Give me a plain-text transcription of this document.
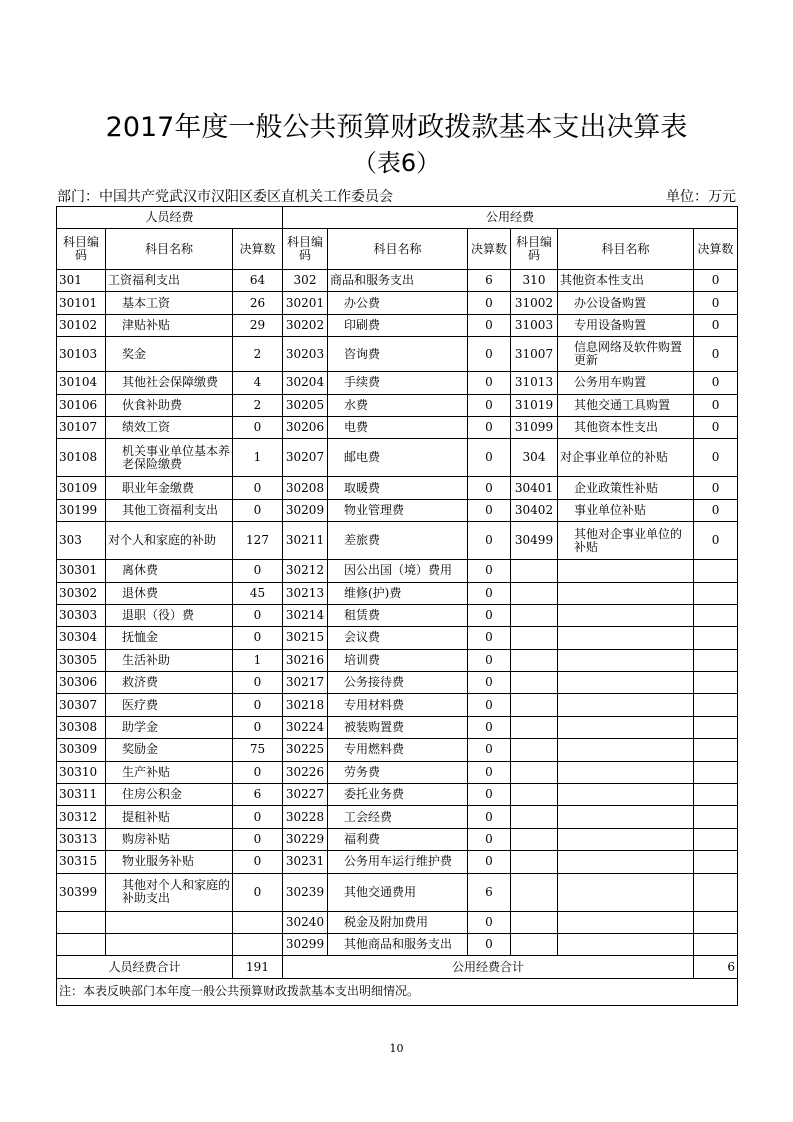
2017年度一般公共预算财政拨款基本支出决算表
（表6）
部门：中国共产党武汉市汉阳区委区直机关工作委员会	单位：万元
人员经费			公用经费					
科目编码	科目名称	决算数	科目编码	科目名称	决算数	科目编码	科目名称	决算数
301	工资福利支出	64	302	商品和服务支出	6	310	其他资本性支出	0
30101	基本工资	26	30201	办公费	0	31002	办公设备购置	0
30102	津贴补贴	29	30202	印刷费	0	31003	专用设备购置	0
30103	奖金	2	30203	咨询费	0	31007	信息网络及软件购置更新	0
30104	其他社会保障缴费	4	30204	手续费	0	31013	公务用车购置	0
30106	伙食补助费	2	30205	水费	0	31019	其他交通工具购置	0
30107	绩效工资	0	30206	电费	0	31099	其他资本性支出	0
30108	机关事业单位基本养老保险缴费	1	30207	邮电费	0	304	对企事业单位的补贴	0
30109	职业年金缴费	0	30208	取暖费	0	30401	企业政策性补贴	0
30199	其他工资福利支出	0	30209	物业管理费	0	30402	事业单位补贴	0
303	对个人和家庭的补助	127	30211	差旅费	0	30499	其他对企事业单位的补贴	0
30301	离休费	0	30212	因公出国（境）费用	0			
30302	退休费	45	30213	维修(护)费	0			
30303	退职（役）费	0	30214	租赁费	0			
30304	抚恤金	0	30215	会议费	0			
30305	生活补助	1	30216	培训费	0			
30306	救济费	0	30217	公务接待费	0			
30307	医疗费	0	30218	专用材料费	0			
30308	助学金	0	30224	被装购置费	0			
30309	奖励金	75	30225	专用燃料费	0			
30310	生产补贴	0	30226	劳务费	0			
30311	住房公积金	6	30227	委托业务费	0			
30312	提租补贴	0	30228	工会经费	0			
30313	购房补贴	0	30229	福利费	0			
30315	物业服务补贴	0	30231	公务用车运行维护费	0			
30399	其他对个人和家庭的补助支出	0	30239	其他交通费用	6			
			30240	税金及附加费用	0			
			30299	其他商品和服务支出	0			
人员经费合计		191	公用经费合计					6
注：本表反映部门本年度一般公共预算财政拨款基本支出明细情况。								
10
